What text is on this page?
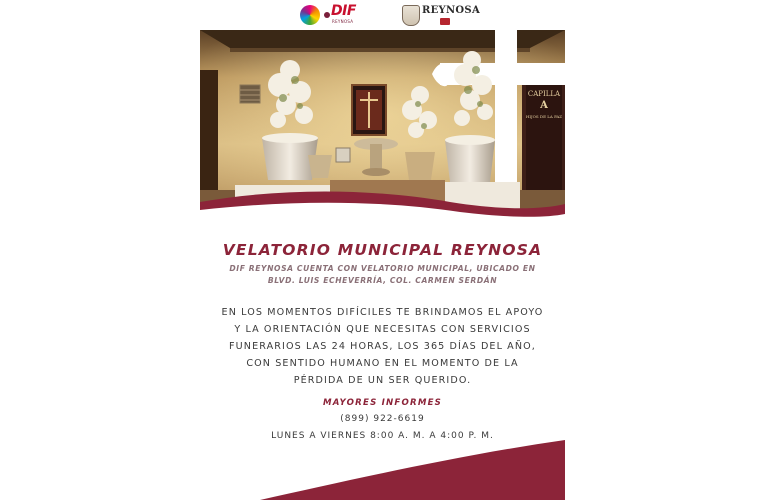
DIF
REYNOSA
REYNOSA
CAPILLA
A
HIJOS DE LA PAZ
VELATORIO MUNICIPAL REYNOSA
DIF REYNOSA CUENTA CON VELATORIO MUNICIPAL, UBICADO EN
BLVD. LUIS ECHEVERRÍA, COL. CARMEN SERDÁN
EN LOS MOMENTOS DIFÍCILES TE BRINDAMOS EL APOYO
Y LA ORIENTACIÓN QUE NECESITAS CON SERVICIOS
FUNERARIOS LAS 24 HORAS, LOS 365 DÍAS DEL AÑO,
CON SENTIDO HUMANO EN EL MOMENTO DE LA
PÉRDIDA DE UN SER QUERIDO.
MAYORES INFORMES
(899) 922-6619
LUNES A VIERNES 8:00 A. M. A 4:00 P. M.
